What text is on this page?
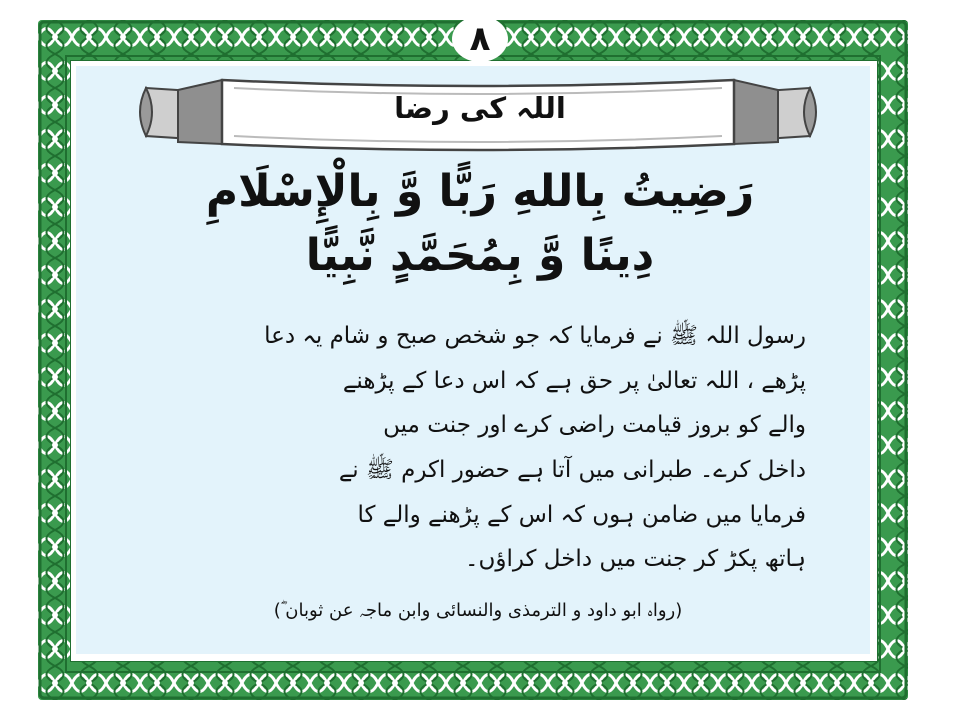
٨
اللہ کی رضا
رَضِيتُ بِاللهِ رَبًّا وَّ بِالْإِسْلَامِ
دِينًا وَّ بِمُحَمَّدٍ نَّبِيًّا
رسول اللہ ﷺ نے فرمایا کہ جو شخص صبح و شام یہ دعا
پڑھے ، اللہ تعالیٰ پر حق ہے کہ اس دعا کے پڑھنے
والے کو بروز قیامت راضی کرے اور جنت میں
داخل کرے۔ طبرانی میں آتا ہے حضور اکرم ﷺ نے
فرمایا میں ضامن ہوں کہ اس کے پڑھنے والے کا
ہاتھ پکڑ کر جنت میں داخل کراؤں۔
(رواہ ابو داود و الترمذی والنسائی وابن ماجہ عن ثوبان ؓ)
